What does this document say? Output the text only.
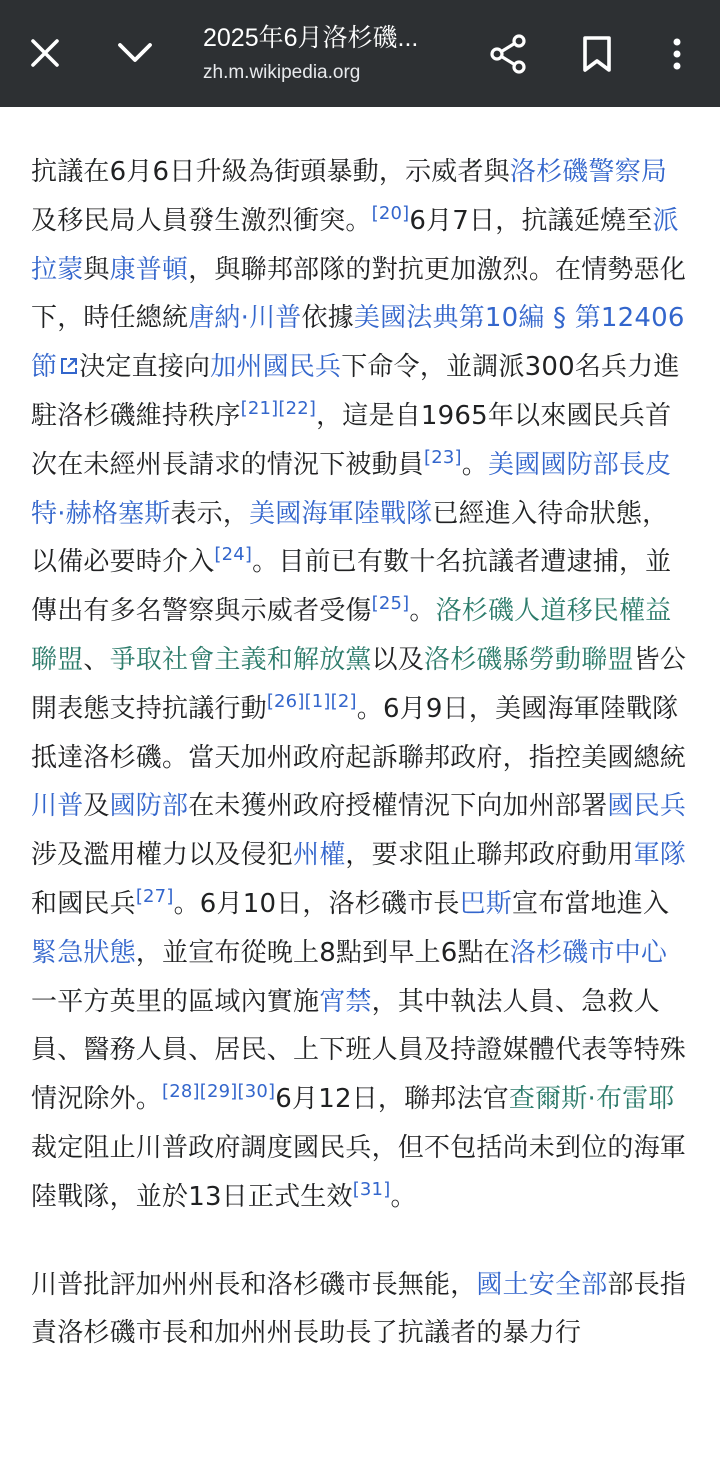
2025年6月洛杉磯...
zh.m.wikipedia.org

抗議在6月6日升級為街頭暴動，示威者與洛杉磯警察局及移民局人員發生激烈衝突。[20]6月7日，抗議延燒至派拉蒙與康普頓，與聯邦部隊的對抗更加激烈。在情勢惡化下，時任總統唐納·川普依據美國法典第10編 § 第12406節 決定直接向加州國民兵下命令，並調派300名兵力進駐洛杉磯維持秩序[21][22]，這是自1965年以來國民兵首次在未經州長請求的情況下被動員[23]。美國國防部長皮特·赫格塞斯表示，美國海軍陸戰隊已經進入待命狀態，以備必要時介入[24]。目前已有數十名抗議者遭逮捕，並傳出有多名警察與示威者受傷[25]。洛杉磯人道移民權益聯盟、爭取社會主義和解放黨以及洛杉磯縣勞動聯盟皆公開表態支持抗議行動[26][1][2]。6月9日，美國海軍陸戰隊抵達洛杉磯。當天加州政府起訴聯邦政府，指控美國總統川普及國防部在未獲州政府授權情況下向加州部署國民兵涉及濫用權力以及侵犯州權，要求阻止聯邦政府動用軍隊和國民兵[27]。6月10日，洛杉磯市長巴斯宣布當地進入緊急狀態，並宣布從晚上8點到早上6點在洛杉磯市中心一平方英里的區域內實施宵禁，其中執法人員、急救人員、醫務人員、居民、上下班人員及持證媒體代表等特殊情況除外。[28][29][30]6月12日，聯邦法官查爾斯·布雷耶裁定阻止川普政府調度國民兵，但不包括尚未到位的海軍陸戰隊，並於13日正式生效[31]。

川普批評加州州長和洛杉磯市長無能，國土安全部部長指責洛杉磯市長和加州州長助長了抗議者的暴力行
